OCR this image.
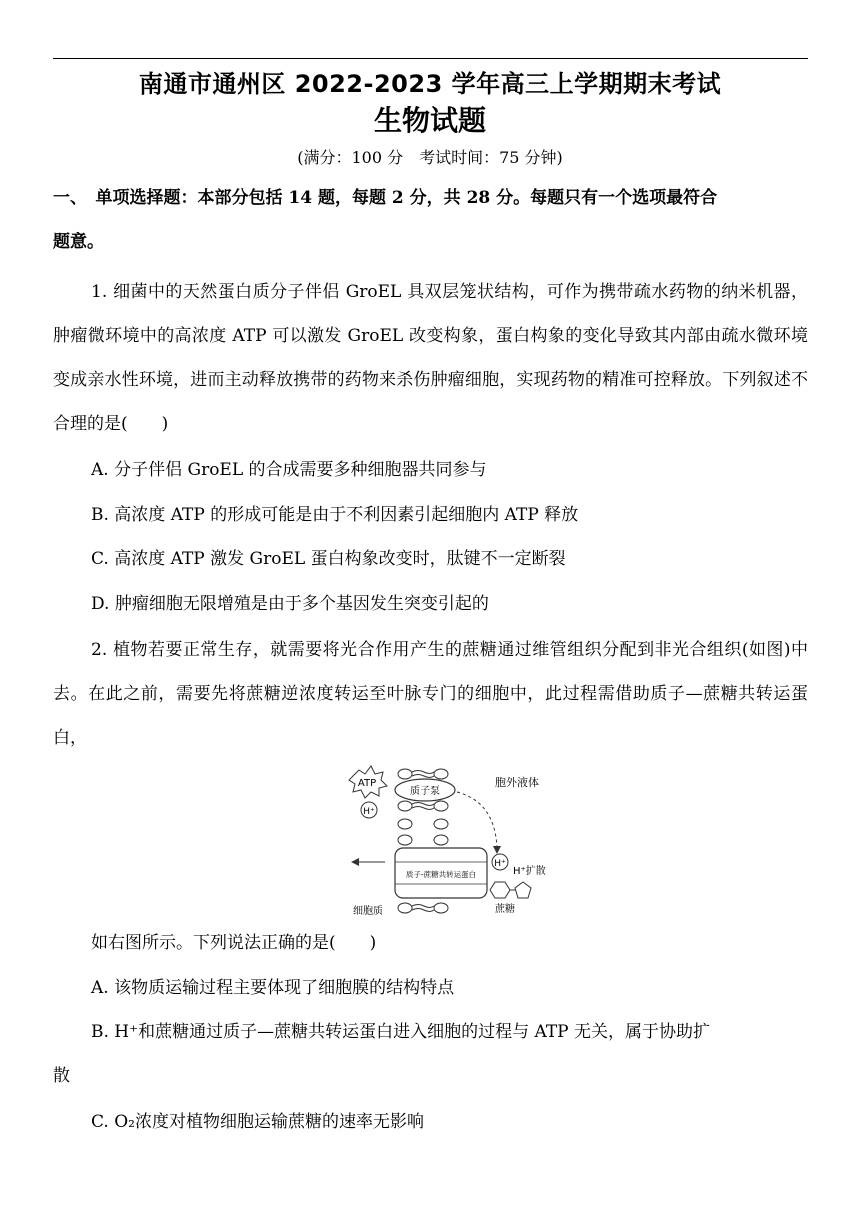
南通市通州区 2022-2023 学年高三上学期期末考试
生物试题
(满分：100 分　考试时间：75 分钟)
一、　单项选择题：本部分包括 14 题，每题 2 分，共 28 分。每题只有一个选项最符合
题意。
1. 细菌中的天然蛋白质分子伴侣 GroEL 具双层笼状结构，可作为携带疏水药物的纳米机器，肿瘤微环境中的高浓度 ATP 可以激发 GroEL 改变构象，蛋白构象的变化导致其内部由疏水微环境变成亲水性环境，进而主动释放携带的药物来杀伤肿瘤细胞，实现药物的精准可控释放。下列叙述不合理的是(　　)
A. 分子伴侣 GroEL 的合成需要多种细胞器共同参与
B. 高浓度 ATP 的形成可能是由于不利因素引起细胞内 ATP 释放
C. 高浓度 ATP 激发 GroEL 蛋白构象改变时，肽键不一定断裂
D. 肿瘤细胞无限增殖是由于多个基因发生突变引起的
2. 植物若要正常生存，就需要将光合作用产生的蔗糖通过维管组织分配到非光合组织(如图)中去。在此之前，需要先将蔗糖逆浓度转运至叶脉专门的细胞中，此过程需借助质子—蔗糖共转运蛋白，
质子泵
ATP
H⁺
胞外液体
质子-蔗糖共转运蛋白
H⁺
H⁺扩散
蔗糖
细胞质
如右图所示。下列说法正确的是(　　)
A. 该物质运输过程主要体现了细胞膜的结构特点
B. H⁺和蔗糖通过质子—蔗糖共转运蛋白进入细胞的过程与 ATP 无关，属于协助扩
散
C. O₂浓度对植物细胞运输蔗糖的速率无影响
